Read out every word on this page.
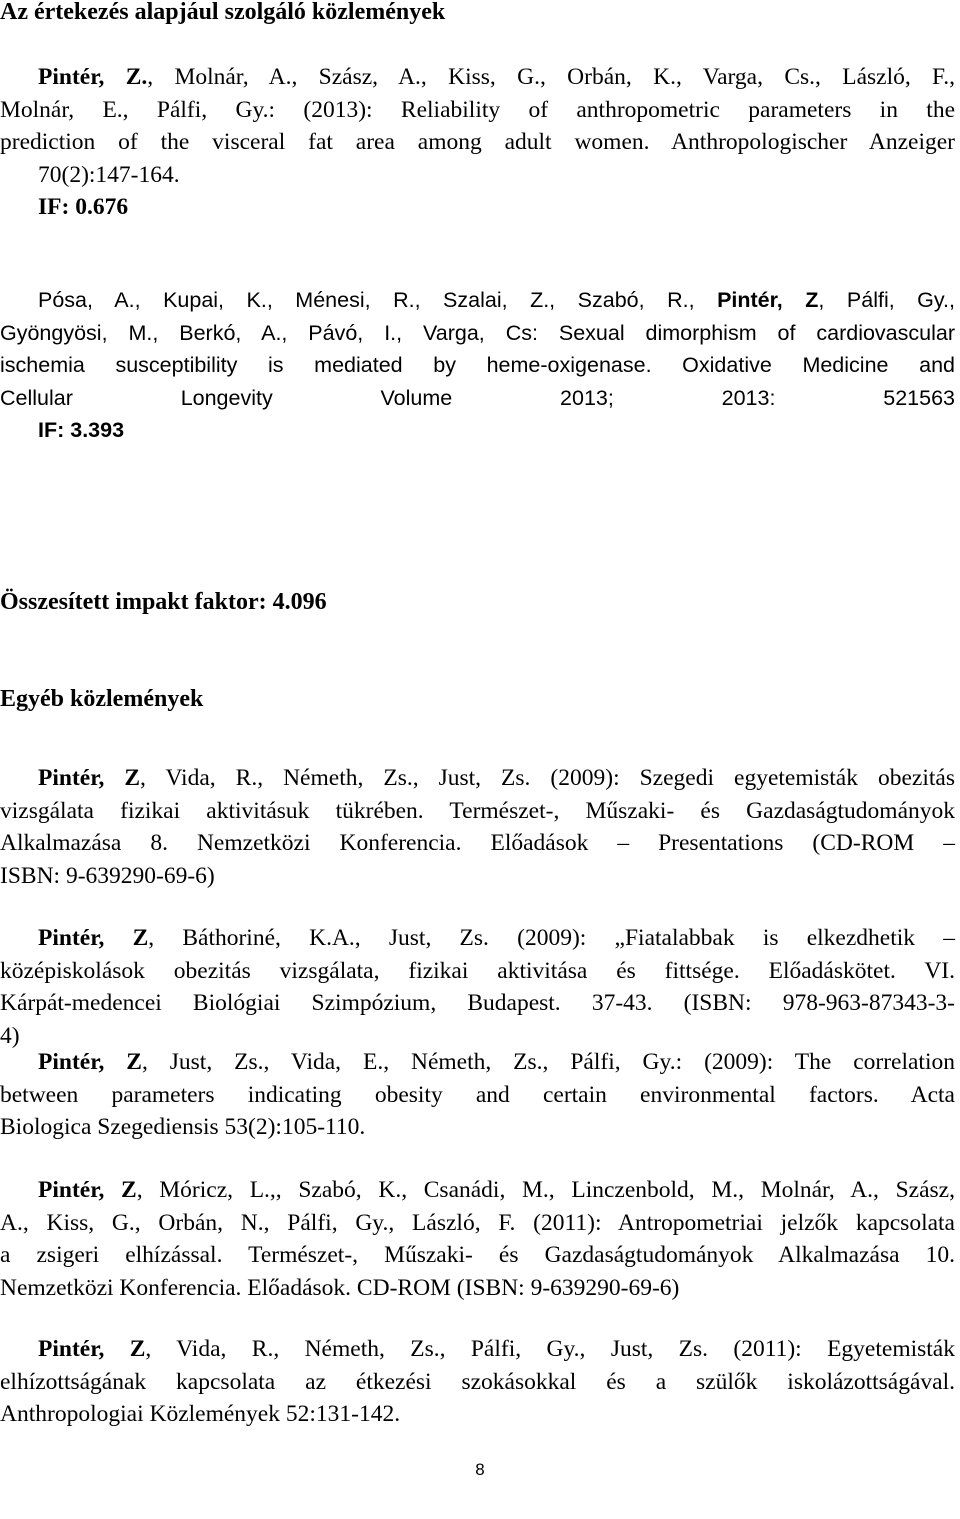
Az értekezés alapjául szolgáló közlemények
Pintér, Z., Molnár, A., Szász, A., Kiss, G., Orbán, K., Varga, Cs., László, F.,
Molnár, E., Pálfi, Gy.: (2013): Reliability of anthropometric parameters in the
prediction of the visceral fat area among adult women. Anthropologischer Anzeiger
70(2):147-164.
IF: 0.676
Pósa, A., Kupai, K., Ménesi, R., Szalai, Z., Szabó, R., Pintér, Z, Pálfi, Gy.,
Gyöngyösi, M., Berkó, A., Pávó, I., Varga, Cs: Sexual dimorphism of cardiovascular
ischemia susceptibility is mediated by heme-oxigenase. Oxidative Medicine and
Cellular Longevity Volume 2013; 2013: 521563
IF: 3.393
Összesített impakt faktor: 4.096
Egyéb közlemények
Pintér, Z, Vida, R., Németh, Zs., Just, Zs. (2009): Szegedi egyetemisták obezitás
vizsgálata fizikai aktivitásuk tükrében. Természet-, Műszaki- és Gazdaságtudományok
Alkalmazása 8. Nemzetközi Konferencia. Előadások – Presentations (CD-ROM –
ISBN: 9-639290-69-6)
Pintér, Z, Báthoriné, K.A., Just, Zs. (2009): „Fiatalabbak is elkezdhetik –
középiskolások obezitás vizsgálata, fizikai aktivitása és fittsége. Előadáskötet. VI.
Kárpát-medencei Biológiai Szimpózium, Budapest. 37-43. (ISBN: 978-963-87343-3-
4)
Pintér, Z, Just, Zs., Vida, E., Németh, Zs., Pálfi, Gy.: (2009): The correlation
between parameters indicating obesity and certain environmental factors. Acta
Biologica Szegediensis 53(2):105-110.
Pintér, Z, Móricz, L.,, Szabó, K., Csanádi, M., Linczenbold, M., Molnár, A., Szász,
A., Kiss, G., Orbán, N., Pálfi, Gy., László, F. (2011): Antropometriai jelzők kapcsolata
a zsigeri elhízással. Természet-, Műszaki- és Gazdaságtudományok Alkalmazása 10.
Nemzetközi Konferencia. Előadások. CD-ROM (ISBN: 9-639290-69-6)
Pintér, Z, Vida, R., Németh, Zs., Pálfi, Gy., Just, Zs. (2011): Egyetemisták
elhízottságának kapcsolata az étkezési szokásokkal és a szülők iskolázottságával.
Anthropologiai Közlemények 52:131-142.
8
